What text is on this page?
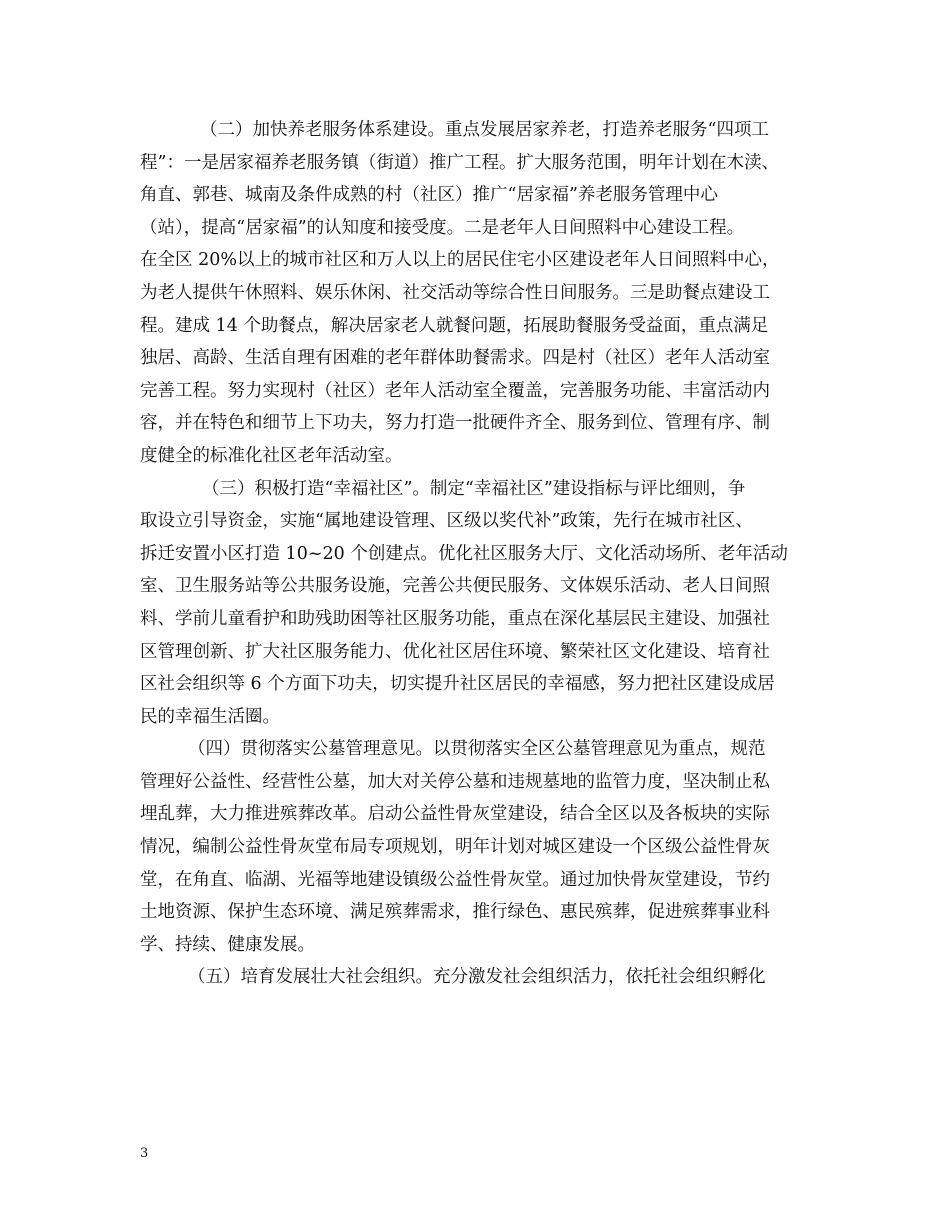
（二）加快养老服务体系建设。重点发展居家养老，打造养老服务“四项工
程”：一是居家福养老服务镇（街道）推广工程。扩大服务范围，明年计划在木渎、
角直、郭巷、城南及条件成熟的村（社区）推广“居家福”养老服务管理中心
（站），提高“居家福”的认知度和接受度。二是老年人日间照料中心建设工程。
在全区 20%以上的城市社区和万人以上的居民住宅小区建设老年人日间照料中心，
为老人提供午休照料、娱乐休闲、社交活动等综合性日间服务。三是助餐点建设工
程。建成 14 个助餐点，解决居家老人就餐问题，拓展助餐服务受益面，重点满足
独居、高龄、生活自理有困难的老年群体助餐需求。四是村（社区）老年人活动室
完善工程。努力实现村（社区）老年人活动室全覆盖，完善服务功能、丰富活动内
容，并在特色和细节上下功夫，努力打造一批硬件齐全、服务到位、管理有序、制
度健全的标准化社区老年活动室。
（三）积极打造“幸福社区”。制定“幸福社区”建设指标与评比细则，争
取设立引导资金，实施“属地建设管理、区级以奖代补”政策，先行在城市社区、
拆迁安置小区打造 10~20 个创建点。优化社区服务大厅、文化活动场所、老年活动
室、卫生服务站等公共服务设施，完善公共便民服务、文体娱乐活动、老人日间照
料、学前儿童看护和助残助困等社区服务功能，重点在深化基层民主建设、加强社
区管理创新、扩大社区服务能力、优化社区居住环境、繁荣社区文化建设、培育社
区社会组织等 6 个方面下功夫，切实提升社区居民的幸福感，努力把社区建设成居
民的幸福生活圈。
（四）贯彻落实公墓管理意见。以贯彻落实全区公墓管理意见为重点，规范
管理好公益性、经营性公墓，加大对关停公墓和违规墓地的监管力度，坚决制止私
埋乱葬，大力推进殡葬改革。启动公益性骨灰堂建设，结合全区以及各板块的实际
情况，编制公益性骨灰堂布局专项规划，明年计划对城区建设一个区级公益性骨灰
堂，在角直、临湖、光福等地建设镇级公益性骨灰堂。通过加快骨灰堂建设，节约
土地资源、保护生态环境、满足殡葬需求，推行绿色、惠民殡葬，促进殡葬事业科
学、持续、健康发展。
（五）培育发展壮大社会组织。充分激发社会组织活力，依托社会组织孵化
3
